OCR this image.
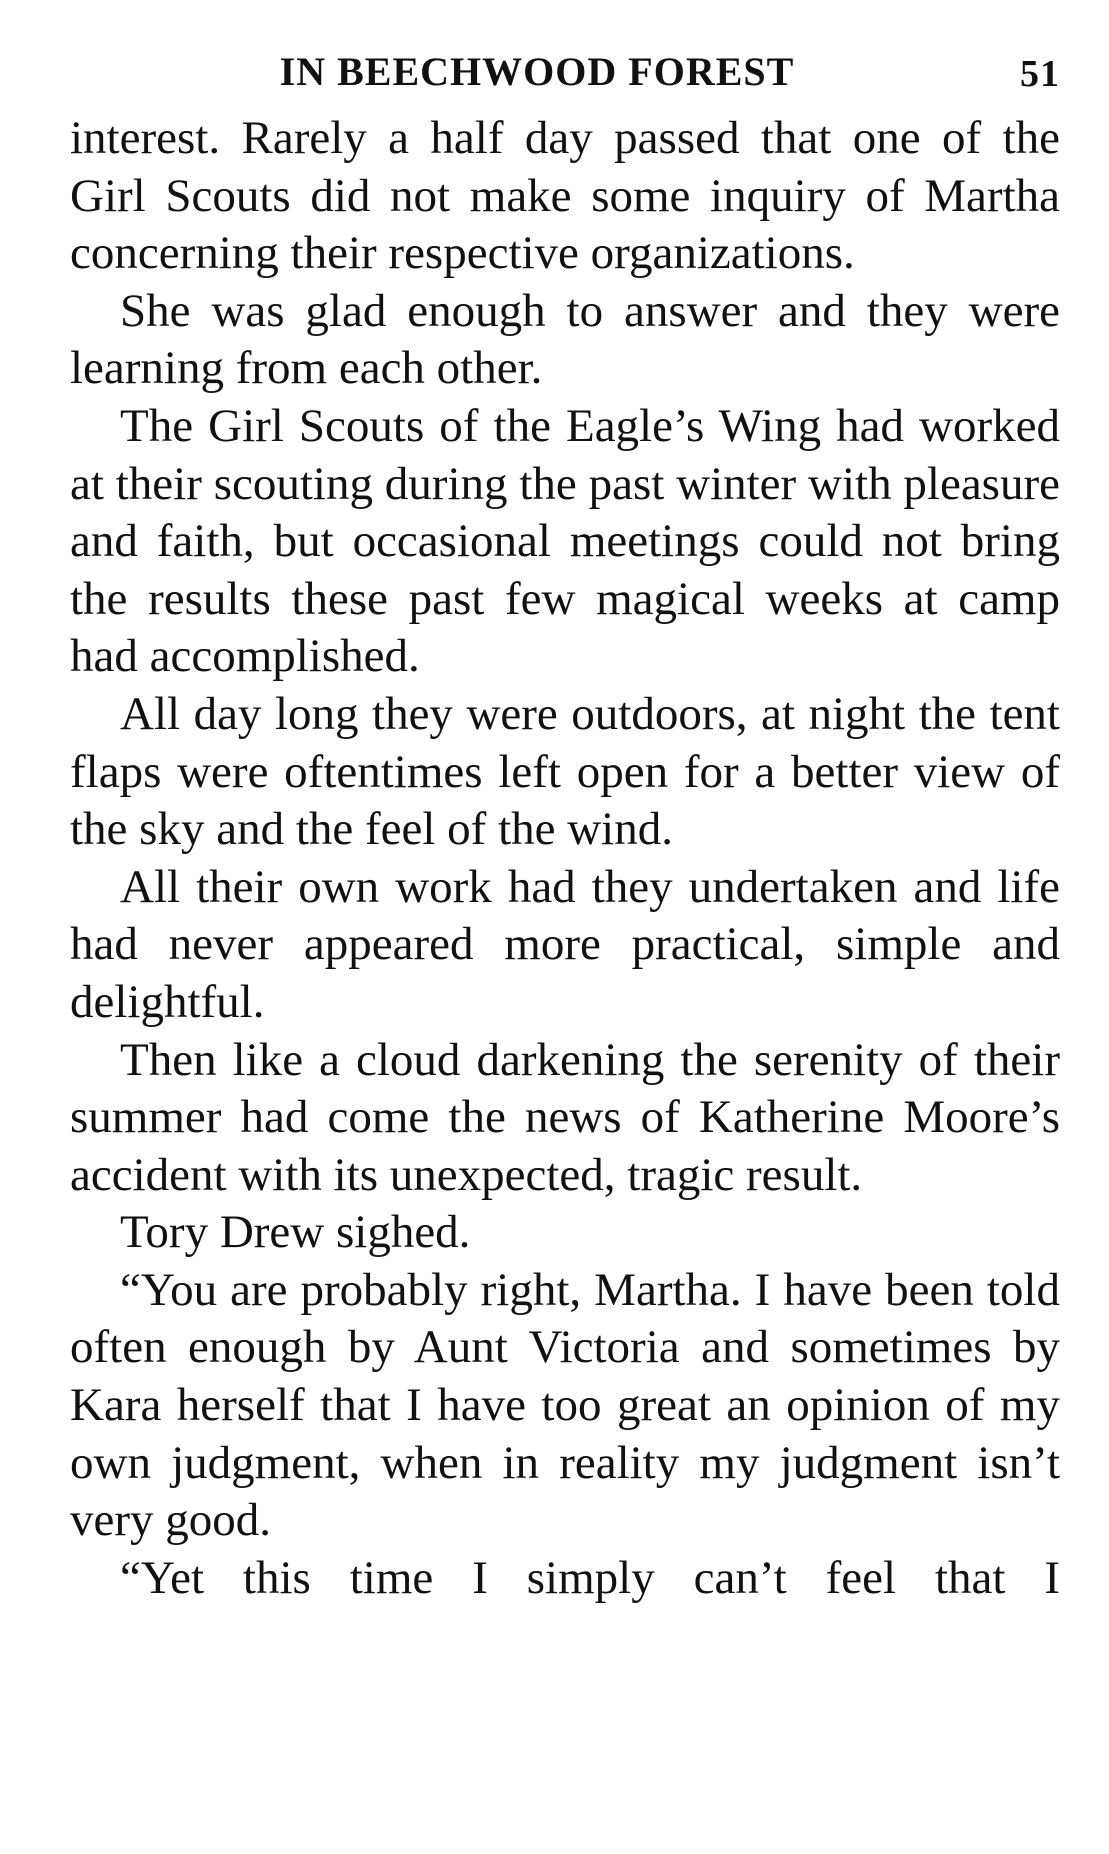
IN BEECHWOOD FOREST	51

interest. Rarely a half day passed that one of the Girl Scouts did not make some inquiry of Martha concerning their respective organizations.

She was glad enough to answer and they were learning from each other.

The Girl Scouts of the Eagle’s Wing had worked at their scouting during the past winter with pleasure and faith, but occasional meetings could not bring the results these past few magical weeks at camp had accomplished.

All day long they were outdoors, at night the tent flaps were oftentimes left open for a better view of the sky and the feel of the wind.

All their own work had they undertaken and life had never appeared more practical, simple and delightful.

Then like a cloud darkening the serenity of their summer had come the news of Katherine Moore’s accident with its unexpected, tragic result.

Tory Drew sighed.

“You are probably right, Martha. I have been told often enough by Aunt Victoria and sometimes by Kara herself that I have too great an opinion of my own judgment, when in reality my judgment isn’t very good.

“Yet this time I simply can’t feel that I
